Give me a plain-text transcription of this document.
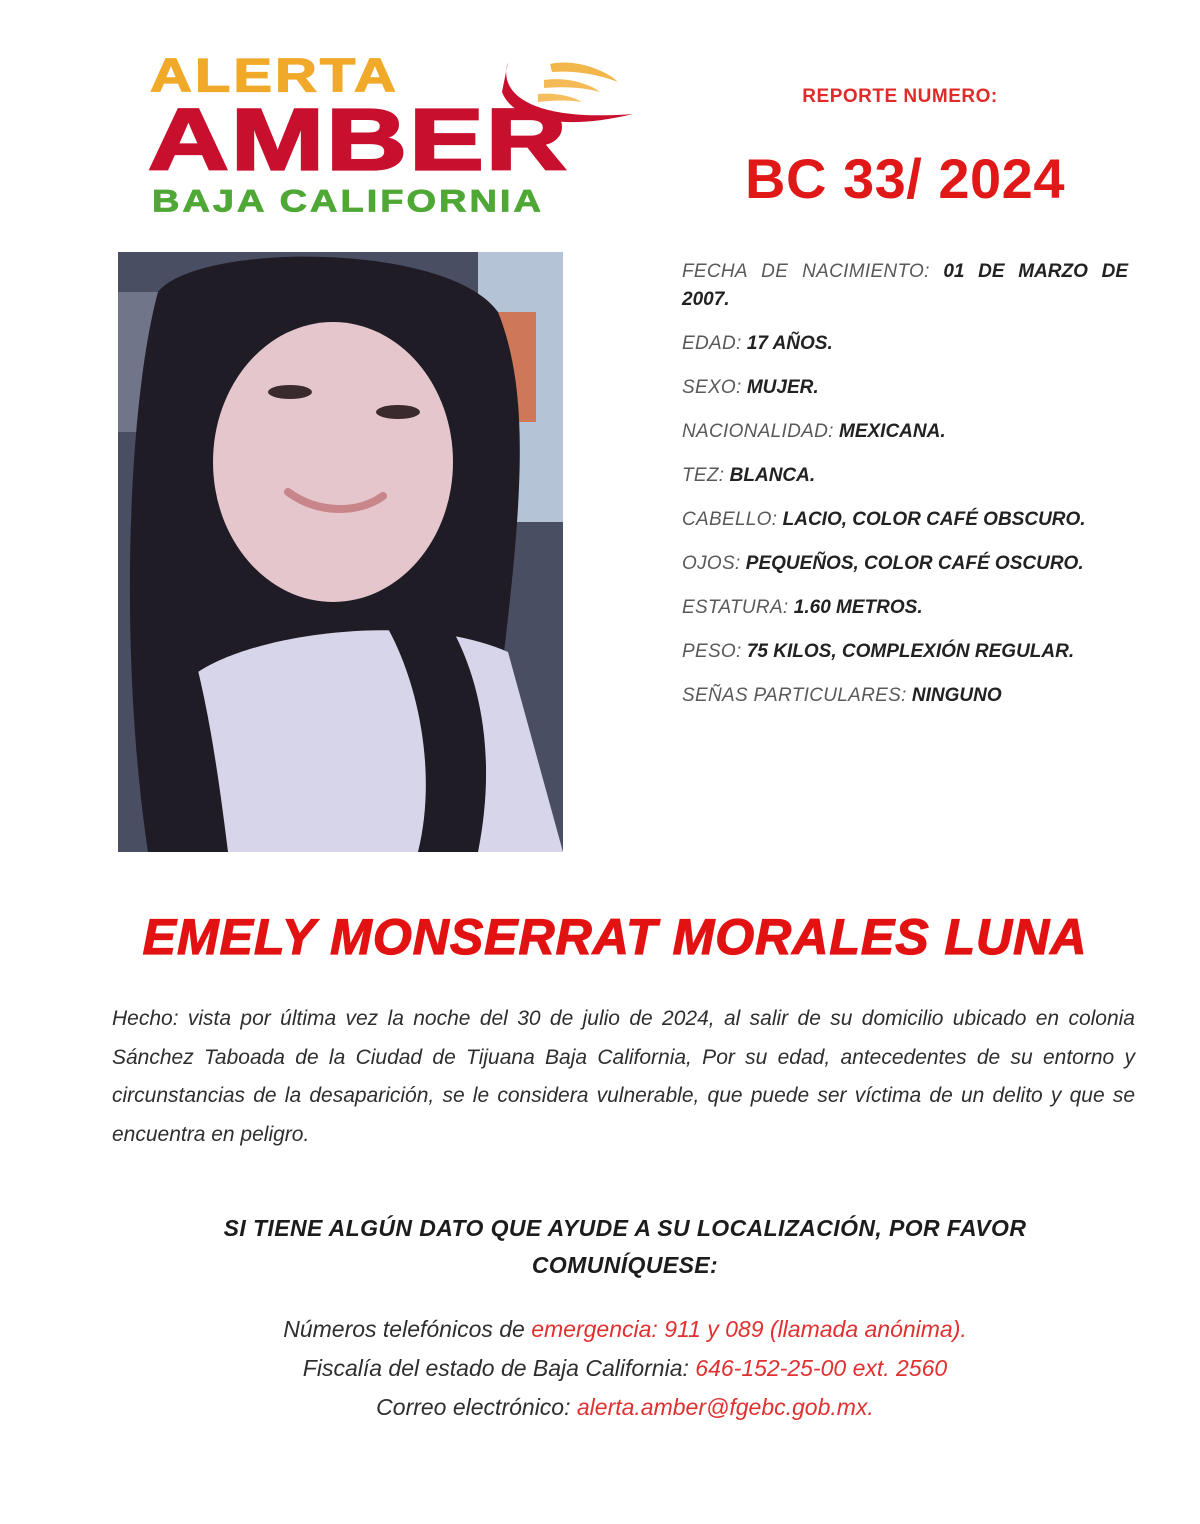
ALERTA
AMBER
BAJA CALIFORNIA
REPORTE NUMERO:
BC 33/ 2024

FECHA DE NACIMIENTO: 01 DE MARZO DE 2007.

EDAD: 17 AÑOS.

SEXO: MUJER.

NACIONALIDAD: MEXICANA.

TEZ: BLANCA.

CABELLO: LACIO, COLOR CAFÉ OBSCURO.

OJOS: PEQUEÑOS, COLOR CAFÉ OSCURO.

ESTATURA: 1.60 METROS.

PESO: 75 KILOS, COMPLEXIÓN REGULAR.

SEÑAS PARTICULARES: NINGUNO

EMELY MONSERRAT MORALES LUNA

Hecho: vista por última vez la noche del 30 de julio de 2024, al salir de su domicilio ubicado en colonia Sánchez Taboada de la Ciudad de Tijuana Baja California, Por su edad, antecedentes de su entorno y circunstancias de la desaparición, se le considera vulnerable, que puede ser víctima de un delito y que se encuentra en peligro.

SI TIENE ALGÚN DATO QUE AYUDE A SU LOCALIZACIÓN, POR FAVOR
COMUNÍQUESE:
Números telefónicos de emergencia: 911 y 089 (llamada anónima).
Fiscalía del estado de Baja California: 646-152-25-00 ext. 2560
Correo electrónico: alerta.amber@fgebc.gob.mx.
